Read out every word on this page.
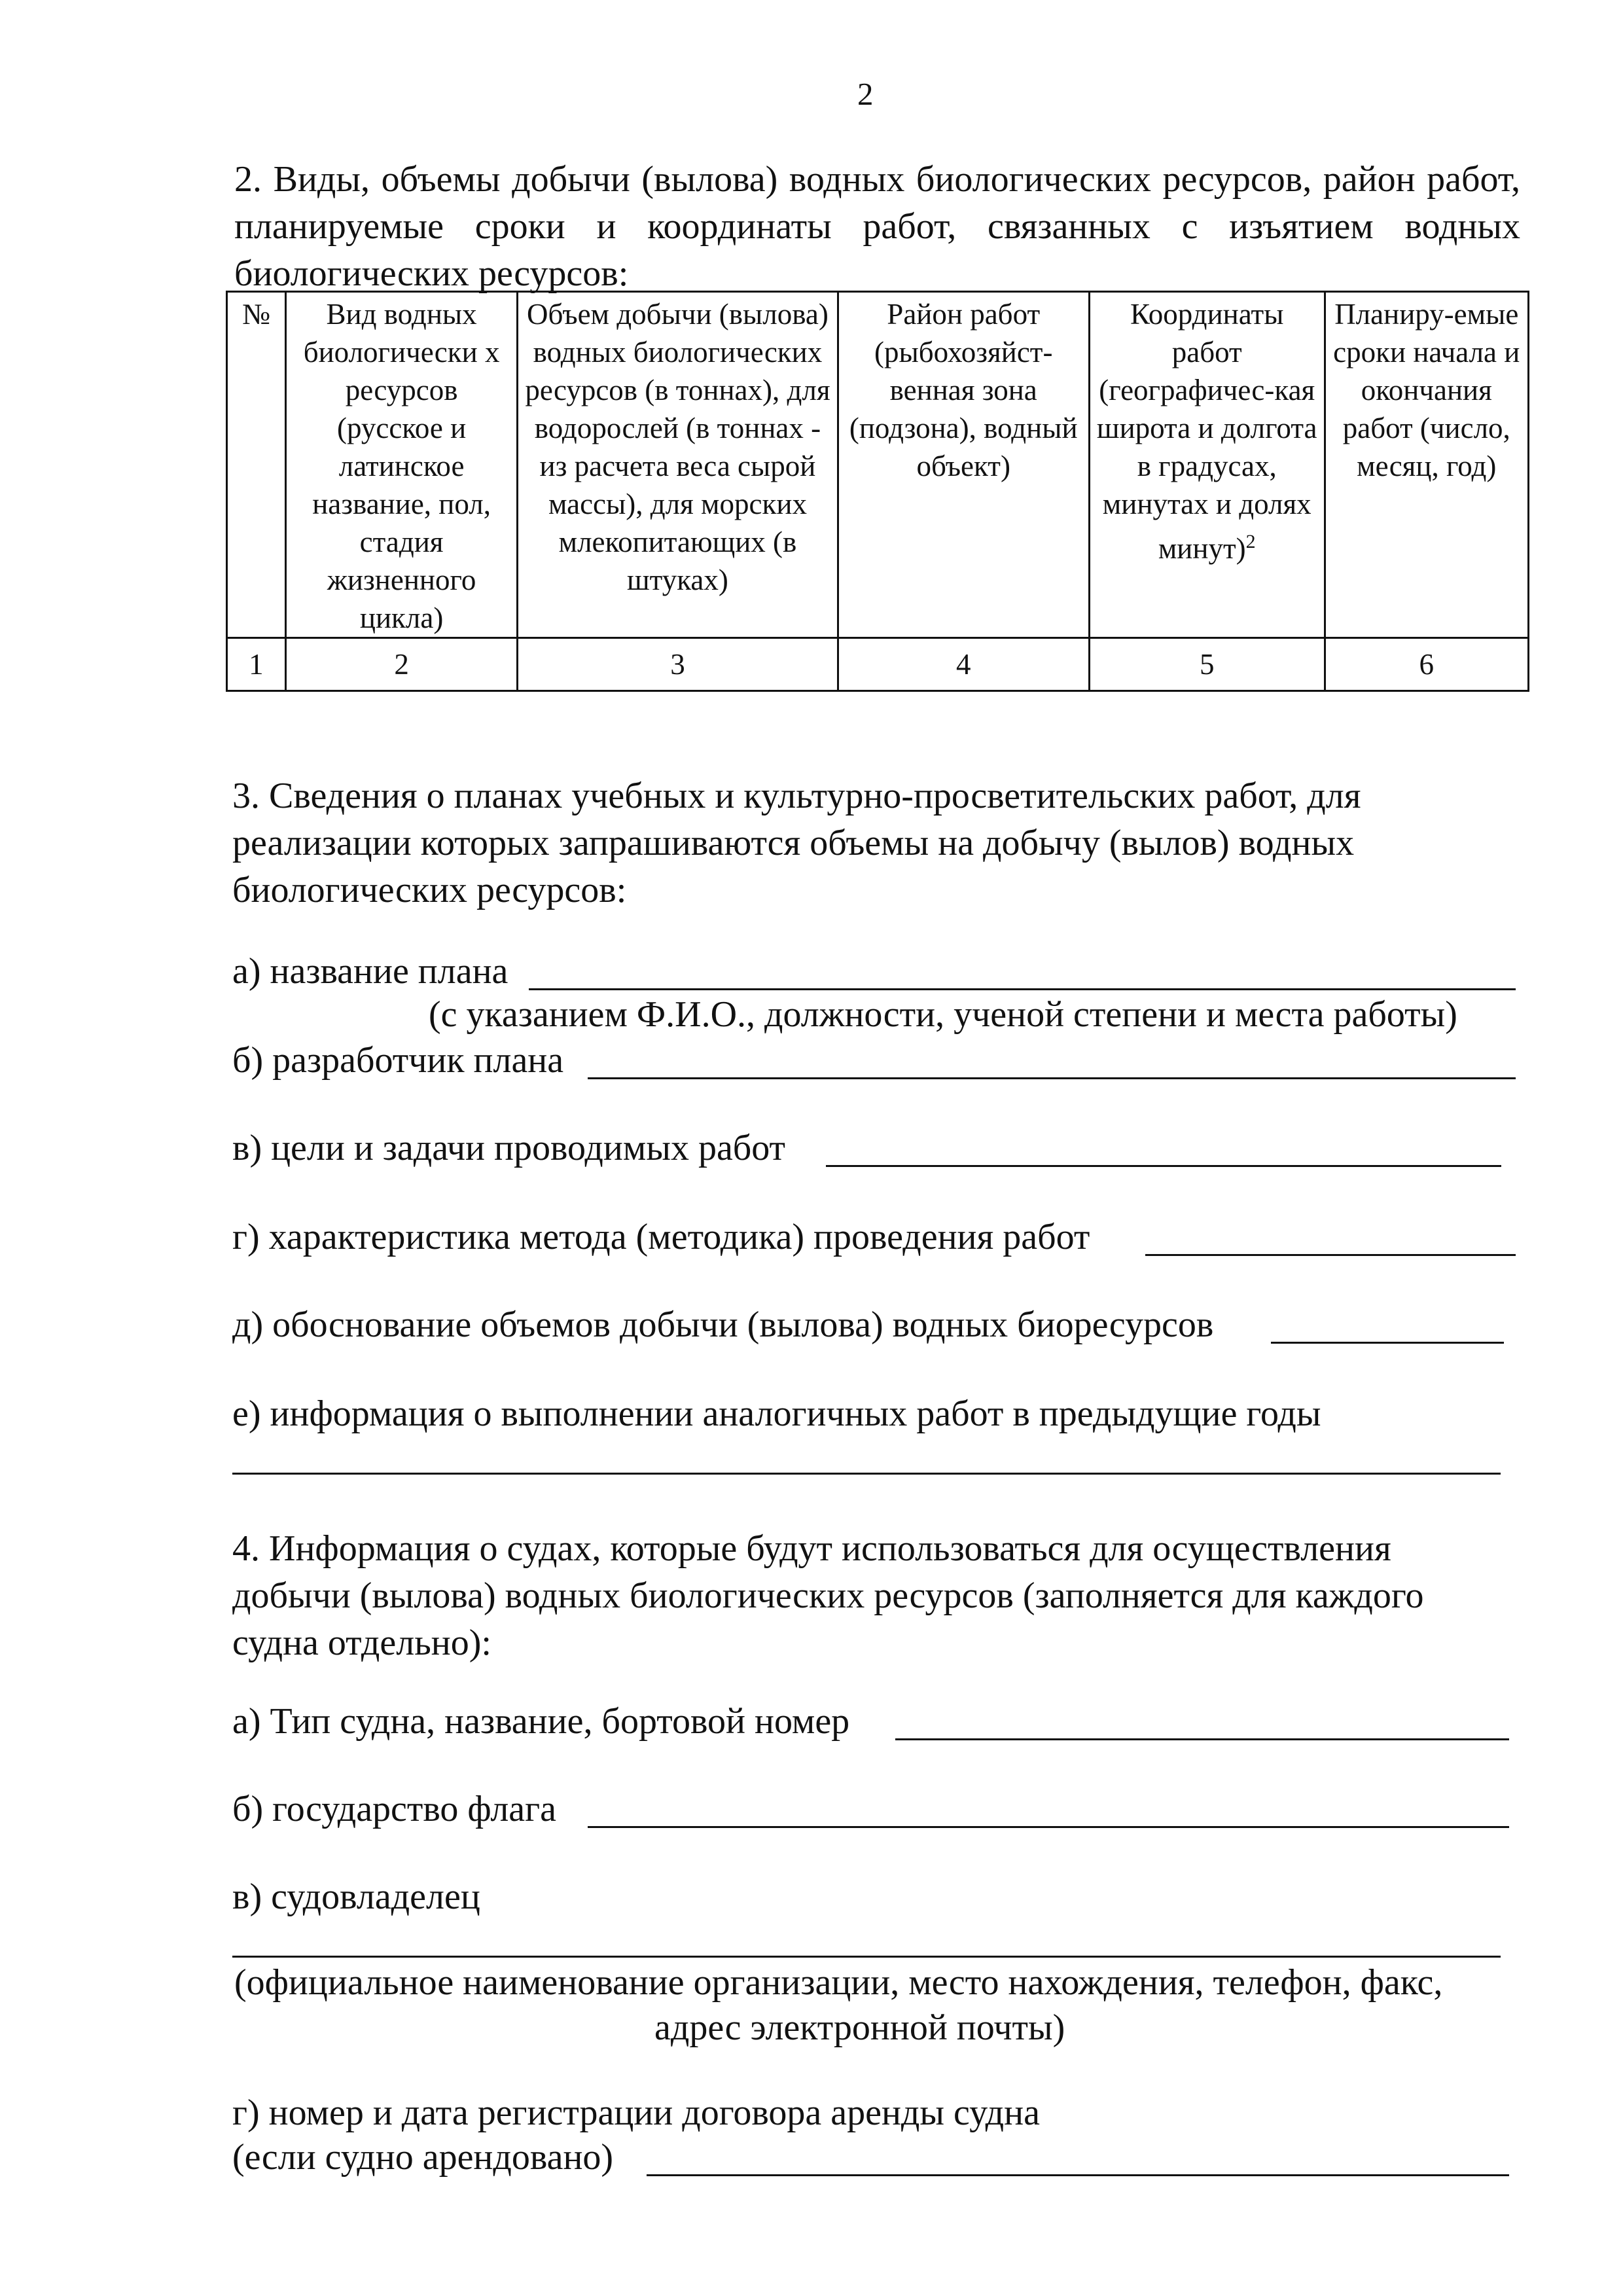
2
2. Виды, объемы добычи (вылова) водных биологических ресурсов, район работ, планируемые сроки и координаты работ, связанных с изъятием водных биологических ресурсов:
№	Вид водных биологически х ресурсов (русское и латинское название, пол, стадия жизненного цикла)	Объем добычи (вылова) водных биологических ресурсов (в тоннах), для водорослей (в тоннах - из расчета веса сырой массы), для морских млекопитающих (в штуках)	Район работ (рыбохозяйст-венная зона (подзона), водный объект)	Координаты работ (географичес-кая широта и долгота в градусах, минутах и долях минут)$^2$	Планиру-емые сроки начала и окончания работ (число, месяц, год)
1	2	3	4	5	6
3. Сведения о планах учебных и культурно-просветительских работ, для реализации которых запрашиваются объемы на добычу (вылов) водных биологических ресурсов:
а) название плана
(с указанием Ф.И.О., должности, ученой степени и места работы)
б) разработчик плана
в) цели и задачи проводимых работ
г) характеристика метода (методика) проведения работ
д) обоснование объемов добычи (вылова) водных биоресурсов
е) информация о выполнении аналогичных работ в предыдущие годы
4. Информация о судах, которые будут использоваться для осуществления добычи (вылова) водных биологических ресурсов (заполняется для каждого судна отдельно):
а) Тип судна, название, бортовой номер
б) государство флага
в) судовладелец
(официальное наименование организации, место нахождения, телефон, факс,
адрес электронной почты)
г) номер и дата регистрации договора аренды судна
(если судно арендовано)
